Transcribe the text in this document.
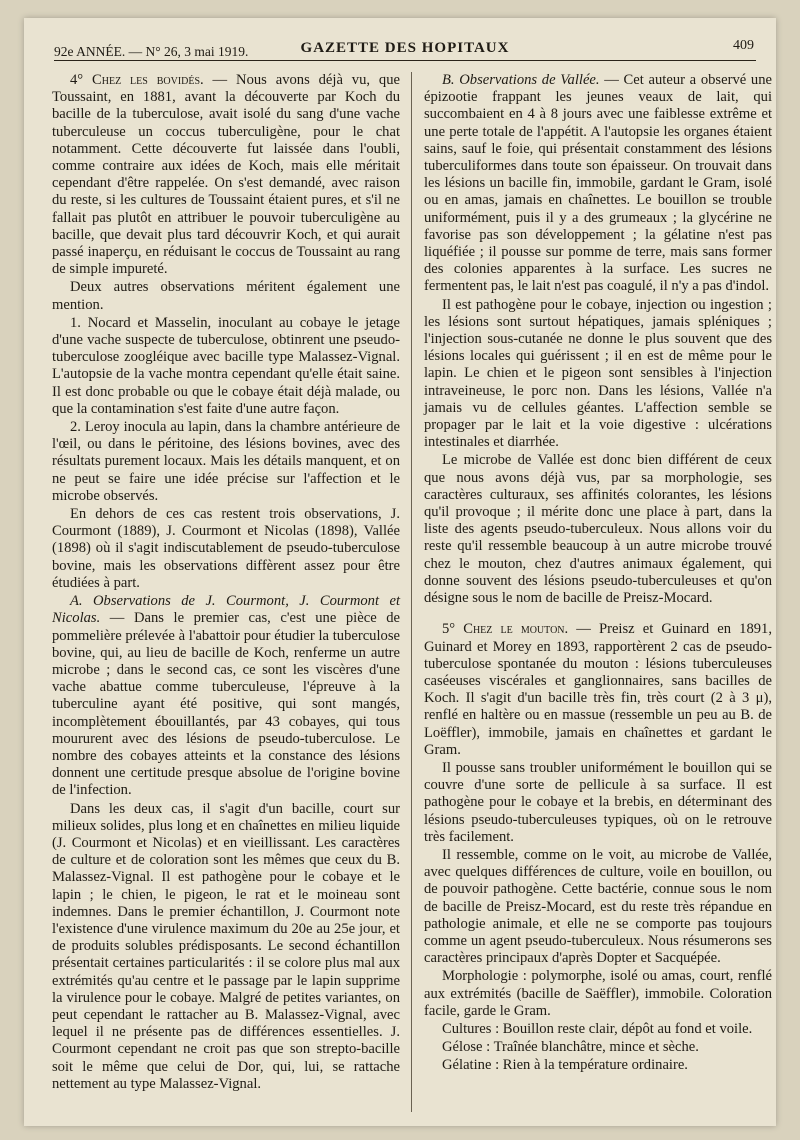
92e ANNÉE. — N° 26, 3 mai 1919.	GAZETTE DES HOPITAUX	409

4° Chez les bovidés. — Nous avons déjà vu, que Toussaint, en 1881, avant la découverte par Koch du bacille de la tuberculose, avait isolé du sang d'une vache tuberculeuse un coccus tuberculigène, pour le chat notamment. Cette découverte fut laissée dans l'oubli, comme contraire aux idées de Koch, mais elle méritait cependant d'être rappelée. On s'est demandé, avec raison du reste, si les cultures de Toussaint étaient pures, et s'il ne fallait pas plutôt en attribuer le pouvoir tuberculigène au bacille, que devait plus tard découvrir Koch, et qui aurait passé inaperçu, en réduisant le coccus de Toussaint au rang de simple impureté.

Deux autres observations méritent également une mention.

1. Nocard et Masselin, inoculant au cobaye le jetage d'une vache suspecte de tuberculose, obtinrent une pseudo-tuberculose zoogléique avec bacille type Malassez-Vignal. L'autopsie de la vache montra cependant qu'elle était saine. Il est donc probable ou que le cobaye était déjà malade, ou que la contamination s'est faite d'une autre façon.

2. Leroy inocula au lapin, dans la chambre antérieure de l'œil, ou dans le péritoine, des lésions bovines, avec des résultats purement locaux. Mais les détails manquent, et on ne peut se faire une idée précise sur l'affection et le microbe observés.

En dehors de ces cas restent trois observations, J. Courmont (1889), J. Courmont et Nicolas (1898), Vallée (1898) où il s'agit indiscutablement de pseudo-tuberculose bovine, mais les observations diffèrent assez pour être étudiées à part.

A. Observations de J. Courmont, J. Courmont et Nicolas. — Dans le premier cas, c'est une pièce de pommelière prélevée à l'abattoir pour étudier la tuberculose bovine, qui, au lieu de bacille de Koch, renferme un autre microbe ; dans le second cas, ce sont les viscères d'une vache abattue comme tuberculeuse, l'épreuve à la tuberculine ayant été positive, qui sont mangés, incomplètement ébouillantés, par 43 cobayes, qui tous moururent avec des lésions de pseudo-tuberculose. Le nombre des cobayes atteints et la constance des lésions donnent une certitude presque absolue de l'origine bovine de l'infection.

Dans les deux cas, il s'agit d'un bacille, court sur milieux solides, plus long et en chaînettes en milieu liquide (J. Courmont et Nicolas) et en vieillissant. Les caractères de culture et de coloration sont les mêmes que ceux du B. Malassez-Vignal. Il est pathogène pour le cobaye et le lapin ; le chien, le pigeon, le rat et le moineau sont indemnes. Dans le premier échantillon, J. Courmont note l'existence d'une virulence maximum du 20e au 25e jour, et de produits solubles prédisposants. Le second échantillon présentait certaines particularités : il se colore plus mal aux extrémités qu'au centre et le passage par le lapin supprime la virulence pour le cobaye. Malgré de petites variantes, on peut cependant le rattacher au B. Malassez-Vignal, avec lequel il ne présente pas de différences essentielles. J. Courmont cependant ne croit pas que son strepto-bacille soit le même que celui de Dor, qui, lui, se rattache nettement au type Malassez-Vignal.

B. Observations de Vallée. — Cet auteur a observé une épizootie frappant les jeunes veaux de lait, qui succombaient en 4 à 8 jours avec une faiblesse extrême et une perte totale de l'appétit. A l'autopsie les organes étaient sains, sauf le foie, qui présentait constamment des lésions tuberculiformes dans toute son épaisseur. On trouvait dans les lésions un bacille fin, immobile, gardant le Gram, isolé ou en amas, jamais en chaînettes. Le bouillon se trouble uniformément, puis il y a des grumeaux ; la glycérine ne favorise pas son développement ; la gélatine n'est pas liquéfiée ; il pousse sur pomme de terre, mais sans former des colonies apparentes à la surface. Les sucres ne fermentent pas, le lait n'est pas coagulé, il n'y a pas d'indol.

Il est pathogène pour le cobaye, injection ou ingestion ; les lésions sont surtout hépatiques, jamais spléniques ; l'injection sous-cutanée ne donne le plus souvent que des lésions locales qui guérissent ; il en est de même pour le lapin. Le chien et le pigeon sont sensibles à l'injection intraveineuse, le porc non. Dans les lésions, Vallée n'a jamais vu de cellules géantes. L'affection semble se propager par le lait et la voie digestive : ulcérations intestinales et diarrhée.

Le microbe de Vallée est donc bien différent de ceux que nous avons déjà vus, par sa morphologie, ses caractères culturaux, ses affinités colorantes, les lésions qu'il provoque ; il mérite donc une place à part, dans la liste des agents pseudo-tuberculeux. Nous allons voir du reste qu'il ressemble beaucoup à un autre microbe trouvé chez le mouton, chez d'autres animaux également, qui donne souvent des lésions pseudo-tuberculeuses et qu'on désigne sous le nom de bacille de Preisz-Mocard.

5° Chez le mouton. — Preisz et Guinard en 1891, Guinard et Morey en 1893, rapportèrent 2 cas de pseudo-tuberculose spontanée du mouton : lésions tuberculeuses caséeuses viscérales et ganglionnaires, sans bacilles de Koch. Il s'agit d'un bacille très fin, très court (2 à 3 μ), renflé en haltère ou en massue (ressemble un peu au B. de Loëffler), immobile, jamais en chaînettes et gardant le Gram.

Il pousse sans troubler uniformément le bouillon qui se couvre d'une sorte de pellicule à sa surface. Il est pathogène pour le cobaye et la brebis, en déterminant des lésions pseudo-tuberculeuses typiques, où on le retrouve très facilement.

Il ressemble, comme on le voit, au microbe de Vallée, avec quelques différences de culture, voile en bouillon, ou de pouvoir pathogène. Cette bactérie, connue sous le nom de bacille de Preisz-Mocard, est du reste très répandue en pathologie animale, et elle ne se comporte pas toujours comme un agent pseudo-tuberculeux. Nous résumerons ses caractères principaux d'après Dopter et Sacquépée.

Morphologie : polymorphe, isolé ou amas, court, renflé aux extrémités (bacille de Saëffler), immobile. Coloration facile, garde le Gram.

Cultures : Bouillon reste clair, dépôt au fond et voile.

Gélose : Traînée blanchâtre, mince et sèche.

Gélatine : Rien à la température ordinaire.
